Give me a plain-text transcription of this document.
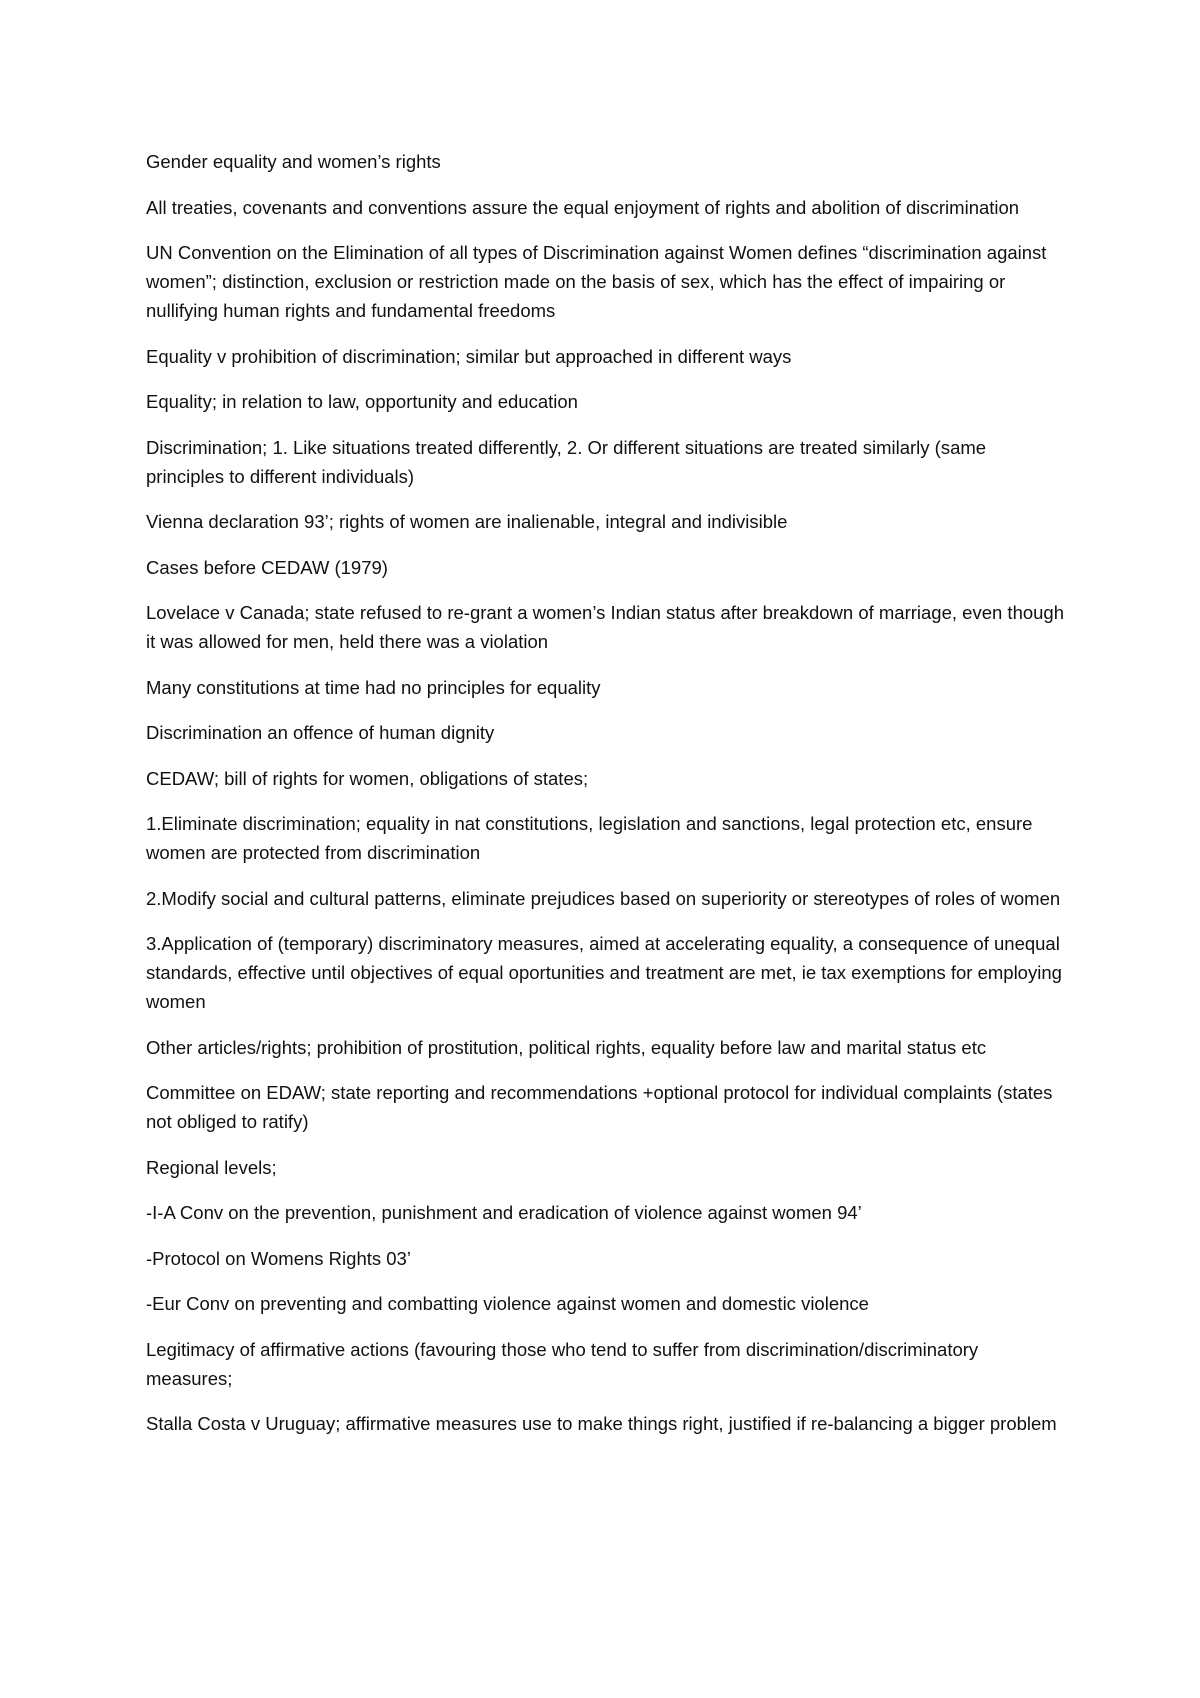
Gender equality and women’s rights

All treaties, covenants and conventions assure the equal enjoyment of rights and abolition of discrimination

UN Convention on the Elimination of all types of Discrimination against Women defines “discrimination against women”; distinction, exclusion or restriction made on the basis of sex, which has the effect of impairing or nullifying human rights and fundamental freedoms

Equality v prohibition of discrimination; similar but approached in different ways

Equality; in relation to law, opportunity and education

Discrimination; 1. Like situations treated differently, 2. Or different situations are treated similarly (same principles to different individuals)

Vienna declaration 93’; rights of women are inalienable, integral and indivisible

Cases before CEDAW (1979)

Lovelace v Canada; state refused to re-grant a women’s Indian status after breakdown of marriage, even though it was allowed for men, held there was a violation

Many constitutions at time had no principles for equality

Discrimination an offence of human dignity

CEDAW; bill of rights for women, obligations of states;

1.Eliminate discrimination; equality in nat constitutions, legislation and sanctions, legal protection etc, ensure women are protected from discrimination

2.Modify social and cultural patterns, eliminate prejudices based on superiority or stereotypes of roles of women

3.Application of (temporary) discriminatory measures, aimed at accelerating equality, a consequence of unequal standards, effective until objectives of equal oportunities and treatment are met, ie tax exemptions for employing women

Other articles/rights; prohibition of prostitution, political rights, equality before law and marital status etc

Committee on EDAW; state reporting and recommendations +optional protocol for individual complaints (states not obliged to ratify)

Regional levels;

-I-A Conv on the prevention, punishment and eradication of violence against women 94’

-Protocol on Womens Rights 03’

-Eur Conv on preventing and combatting violence against women and domestic violence

Legitimacy of affirmative actions (favouring those who tend to suffer from discrimination/discriminatory measures;

Stalla Costa v Uruguay; affirmative measures use to make things right, justified if re-balancing a bigger problem
